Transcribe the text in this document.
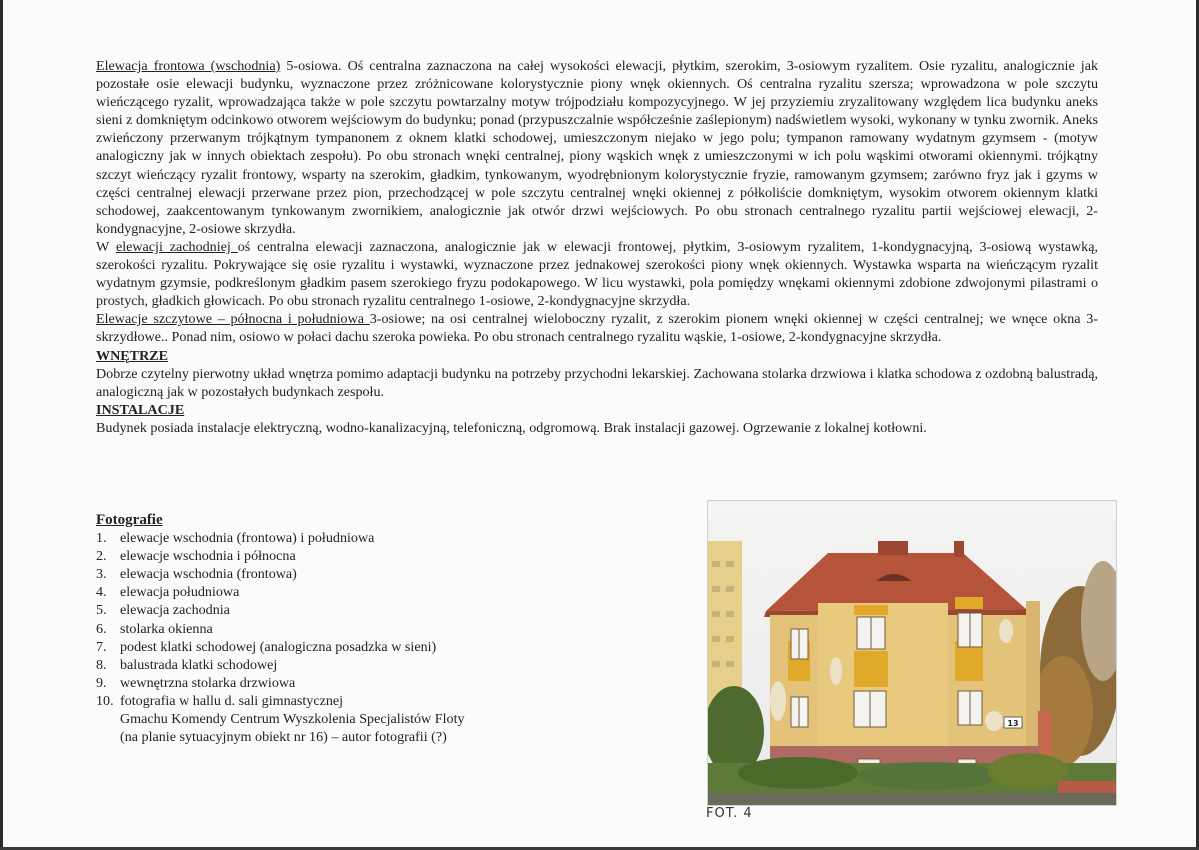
Elewacja frontowa (wschodnia) 5-osiowa. Oś centralna zaznaczona na całej wysokości elewacji, płytkim, szerokim, 3-osiowym ryzalitem. Osie ryzalitu, analogicznie jak pozostałe osie elewacji budynku, wyznaczone przez zróżnicowane kolorystycznie piony wnęk okiennych. Oś centralna ryzalitu szersza; wprowadzona w pole szczytu wieńczącego ryzalit, wprowadzająca także w pole szczytu powtarzalny motyw trójpodziału kompozycyjnego. W jej przyziemiu zryzalitowany względem lica budynku aneks sieni z domkniętym odcinkowo otworem wejściowym do budynku; ponad (przypuszczalnie współcześnie zaślepionym) nadświetlem wysoki, wykonany w tynku zwornik. Aneks zwieńczony przerwanym trójkątnym tympanonem z oknem klatki schodowej, umieszczonym niejako w jego polu; tympanon ramowany wydatnym gzymsem - (motyw analogiczny jak w innych obiektach zespołu). Po obu stronach wnęki centralnej, piony wąskich wnęk z umieszczonymi w ich polu wąskimi otworami okiennymi. trójkątny szczyt wieńczący ryzalit frontowy, wsparty na szerokim, gładkim, tynkowanym, wyodrębnionym kolorystycznie fryzie, ramowanym gzymsem; zarówno fryz jak i gzyms w części centralnej elewacji przerwane przez pion, przechodzącej w pole szczytu centralnej wnęki okiennej z półkoliście domkniętym, wysokim otworem okiennym klatki schodowej, zaakcentowanym tynkowanym zwornikiem, analogicznie jak otwór drzwi wejściowych. Po obu stronach centralnego ryzalitu partii wejściowej elewacji, 2-kondygnacyjne, 2-osiowe skrzydła.

W elewacji zachodniej oś centralna elewacji zaznaczona, analogicznie jak w elewacji frontowej, płytkim, 3-osiowym ryzalitem, 1-kondygnacyjną, 3-osiową wystawką, szerokości ryzalitu. Pokrywające się osie ryzalitu i wystawki, wyznaczone przez jednakowej szerokości piony wnęk okiennych. Wystawka wsparta na wieńczącym ryzalit wydatnym gzymsie, podkreślonym gładkim pasem szerokiego fryzu podokapowego. W licu wystawki, pola pomiędzy wnękami okiennymi zdobione zdwojonymi pilastrami o prostych, gładkich głowicach. Po obu stronach ryzalitu centralnego 1-osiowe, 2-kondygnacyjne skrzydła.

Elewacje szczytowe – północna i południowa 3-osiowe; na osi centralnej wieloboczny ryzalit, z szerokim pionem wnęki okiennej w części centralnej; we wnęce okna 3-skrzydłowe.. Ponad nim, osiowo w połaci dachu szeroka powieka. Po obu stronach centralnego ryzalitu wąskie, 1-osiowe, 2-kondygnacyjne skrzydła.

WNĘTRZE

Dobrze czytelny pierwotny układ wnętrza pomimo adaptacji budynku na potrzeby przychodni lekarskiej. Zachowana stolarka drzwiowa i klatka schodowa z ozdobną balustradą, analogiczną jak w pozostałych budynkach zespołu.

INSTALACJE

Budynek posiada instalacje elektryczną, wodno-kanalizacyjną, telefoniczną, odgromową. Brak instalacji gazowej. Ogrzewanie z lokalnej kotłowni.

Fotografie
1. elewacje wschodnia (frontowa) i południowa
2. elewacje wschodnia i północna
3. elewacja wschodnia (frontowa)
4. elewacja południowa
5. elewacja zachodnia
6. stolarka okienna
7. podest klatki schodowej (analogiczna posadzka w sieni)
8. balustrada klatki schodowej
9. wewnętrzna stolarka drzwiowa
10. fotografia w hallu d. sali gimnastycznej
Gmachu Komendy Centrum Wyszkolenia Specjalistów Floty
(na planie sytuacyjnym obiekt nr 16) – autor fotografii (?)
13
FOT. 4
